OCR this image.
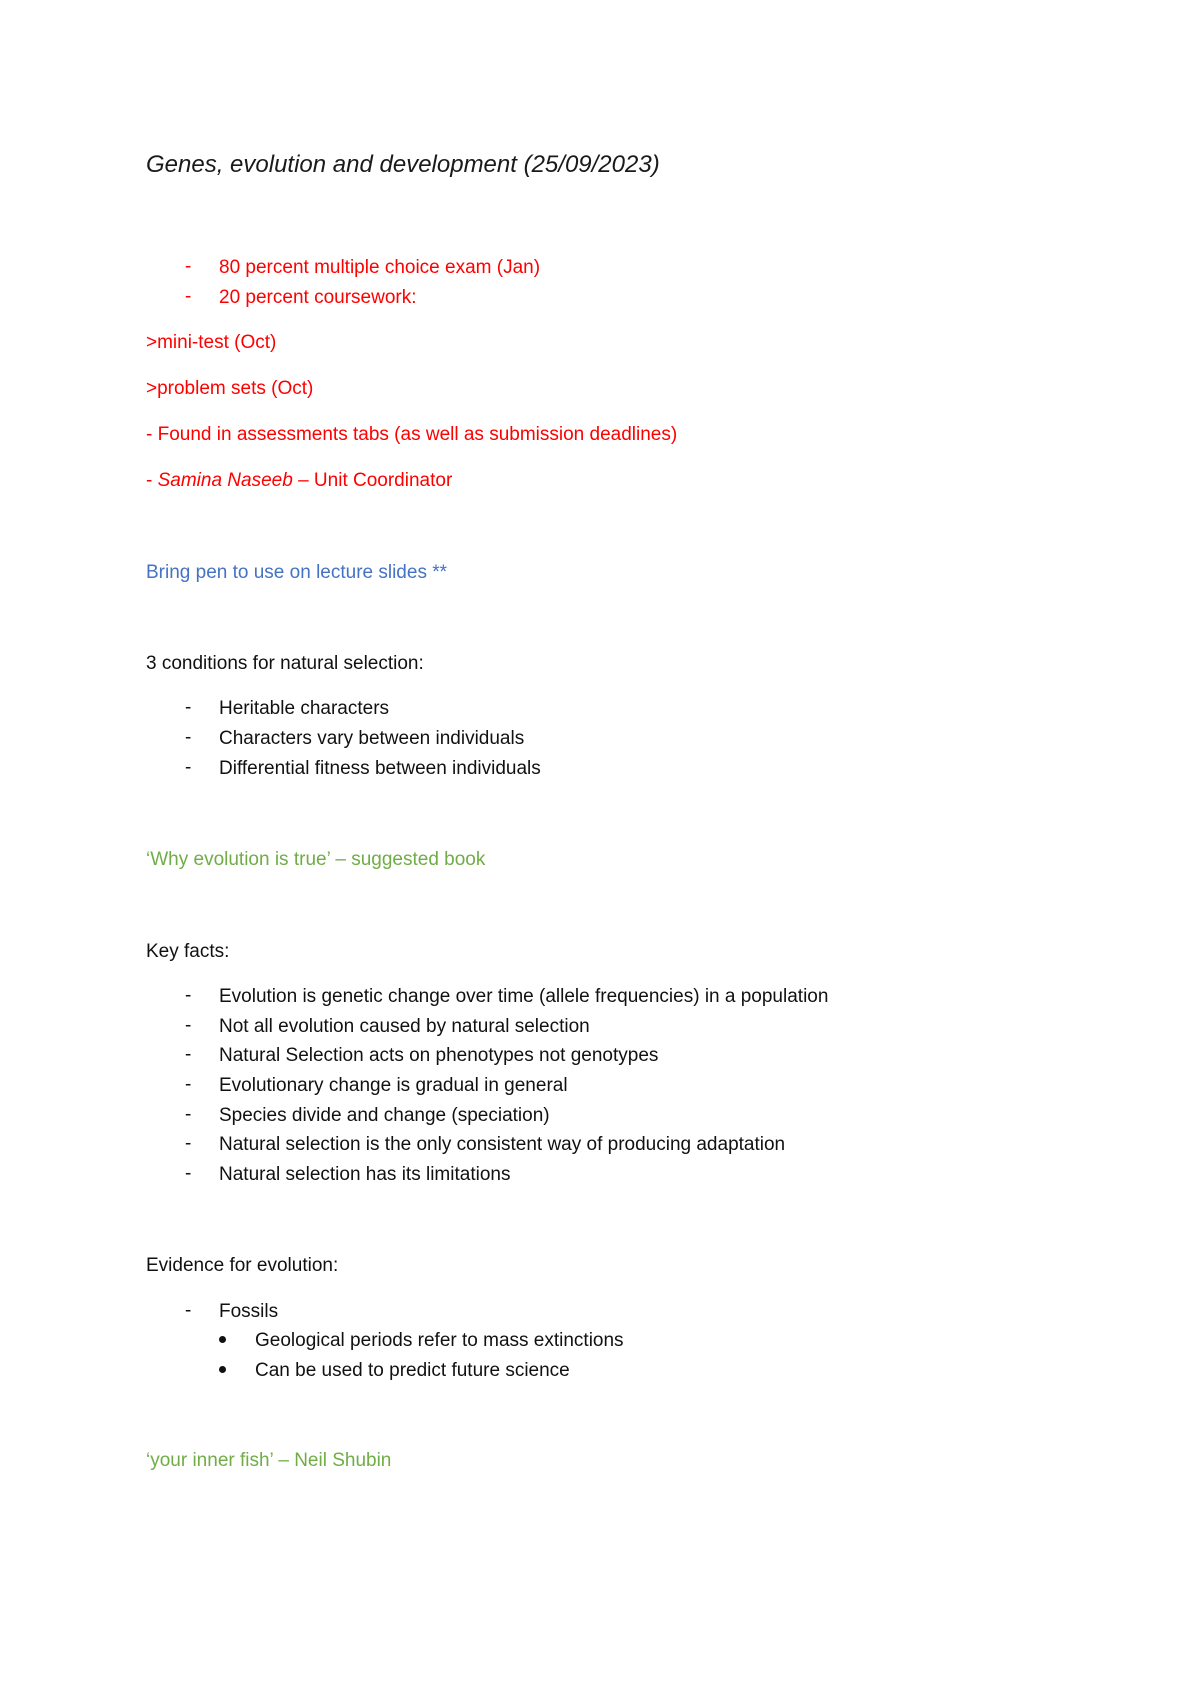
Genes, evolution and development (25/09/2023)
-	80 percent multiple choice exam (Jan)
-	20 percent coursework:
>mini-test (Oct)
>problem sets (Oct)
- Found in assessments tabs (as well as submission deadlines)
- Samina Naseeb – Unit Coordinator
Bring pen to use on lecture slides **
3 conditions for natural selection:
-	Heritable characters
-	Characters vary between individuals
-	Differential fitness between individuals
‘Why evolution is true’ – suggested book
Key facts:
-	Evolution is genetic change over time (allele frequencies) in a population
-	Not all evolution caused by natural selection
-	Natural Selection acts on phenotypes not genotypes
-	Evolutionary change is gradual in general
-	Species divide and change (speciation)
-	Natural selection is the only consistent way of producing adaptation
-	Natural selection has its limitations
Evidence for evolution:
-	Fossils
Geological periods refer to mass extinctions
Can be used to predict future science
‘your inner fish’ – Neil Shubin
